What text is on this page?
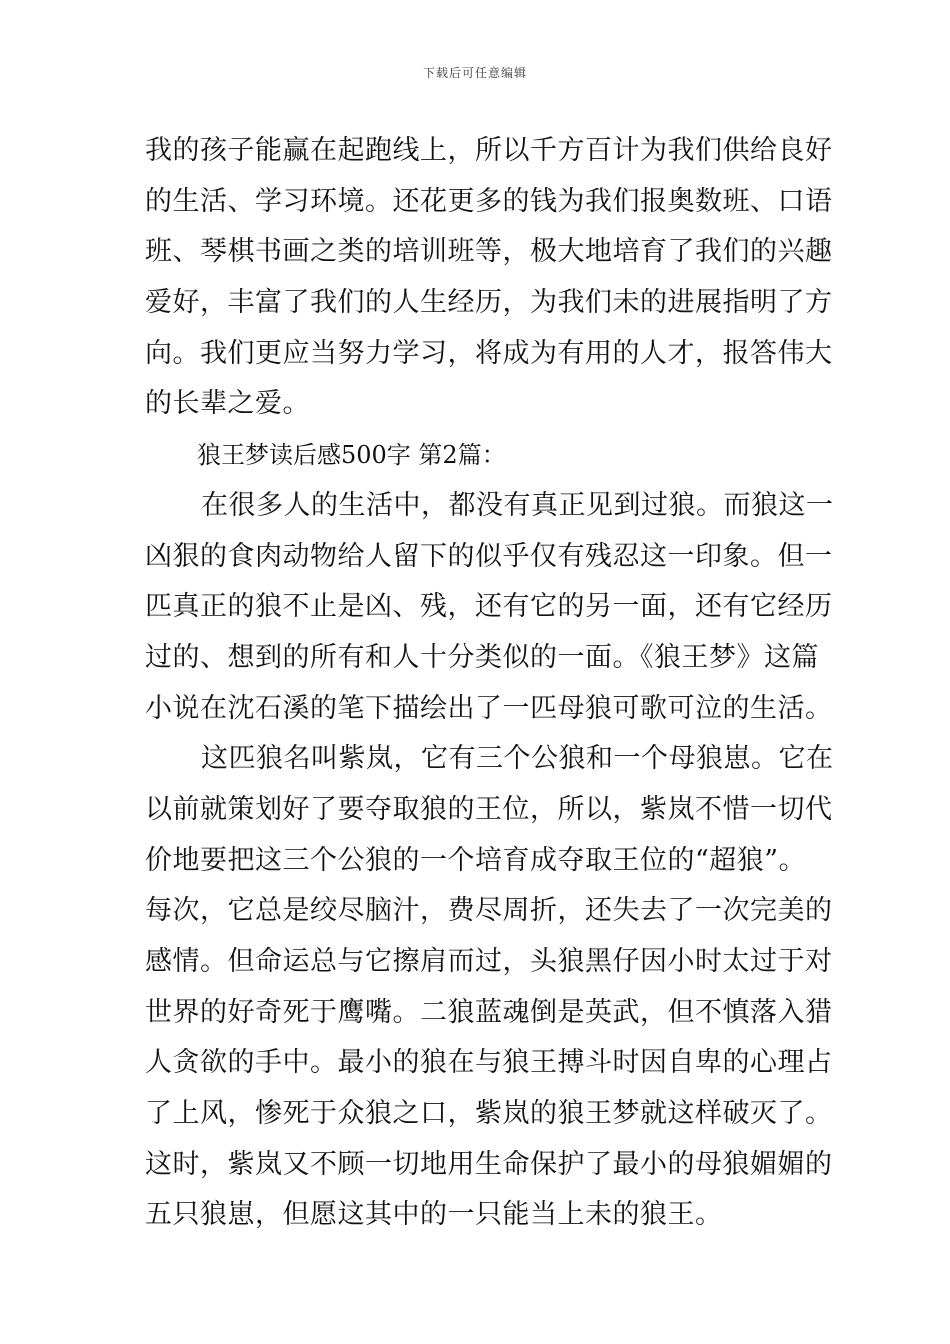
下载后可任意编辑
我的孩子能赢在起跑线上，所以千方百计为我们供给良好
的生活、学习环境。还花更多的钱为我们报奥数班、口语
班、琴棋书画之类的培训班等，极大地培育了我们的兴趣
爱好，丰富了我们的人生经历，为我们未的进展指明了方
向。我们更应当努力学习，将成为有用的人才，报答伟大
的长辈之爱。
狼王梦读后感500字 第2篇：
在很多人的生活中，都没有真正见到过狼。而狼这一
凶狠的食肉动物给人留下的似乎仅有残忍这一印象。但一
匹真正的狼不止是凶、残，还有它的另一面，还有它经历
过的、想到的所有和人十分类似的一面。《狼王梦》这篇
小说在沈石溪的笔下描绘出了一匹母狼可歌可泣的生活。
这匹狼名叫紫岚，它有三个公狼和一个母狼崽。它在
以前就策划好了要夺取狼的王位，所以，紫岚不惜一切代
价地要把这三个公狼的一个培育成夺取王位的“超狼”。
每次，它总是绞尽脑汁，费尽周折，还失去了一次完美的
感情。但命运总与它擦肩而过，头狼黑仔因小时太过于对
世界的好奇死于鹰嘴。二狼蓝魂倒是英武，但不慎落入猎
人贪欲的手中。最小的狼在与狼王搏斗时因自卑的心理占
了上风，惨死于众狼之口，紫岚的狼王梦就这样破灭了。
这时，紫岚又不顾一切地用生命保护了最小的母狼媚媚的
五只狼崽，但愿这其中的一只能当上未的狼王。
